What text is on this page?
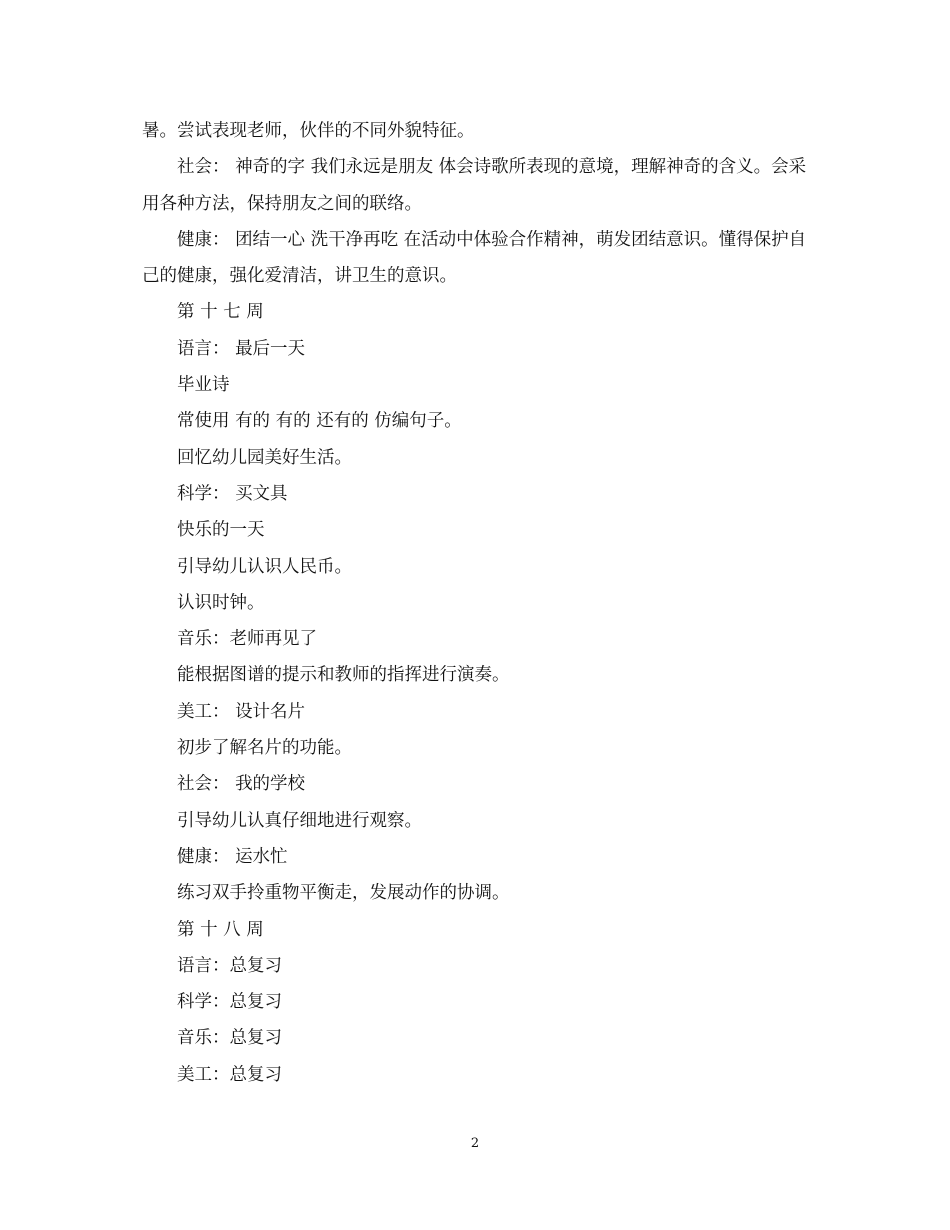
暑。尝试表现老师，伙伴的不同外貌特征。

社会： 神奇的字 我们永远是朋友 体会诗歌所表现的意境，理解神奇的含义。会采用各种方法，保持朋友之间的联络。

健康： 团结一心 洗干净再吃 在活动中体验合作精神，萌发团结意识。懂得保护自己的健康，强化爱清洁，讲卫生的意识。

第 十 七 周

语言： 最后一天

毕业诗

常使用 有的 有的 还有的 仿编句子。

回忆幼儿园美好生活。

科学： 买文具

快乐的一天

引导幼儿认识人民币。

认识时钟。

音乐：老师再见了

能根据图谱的提示和教师的指挥进行演奏。

美工： 设计名片

初步了解名片的功能。

社会： 我的学校

引导幼儿认真仔细地进行观察。

健康： 运水忙

练习双手拎重物平衡走，发展动作的协调。

第 十 八 周

语言：总复习

科学：总复习

音乐：总复习

美工：总复习

2
